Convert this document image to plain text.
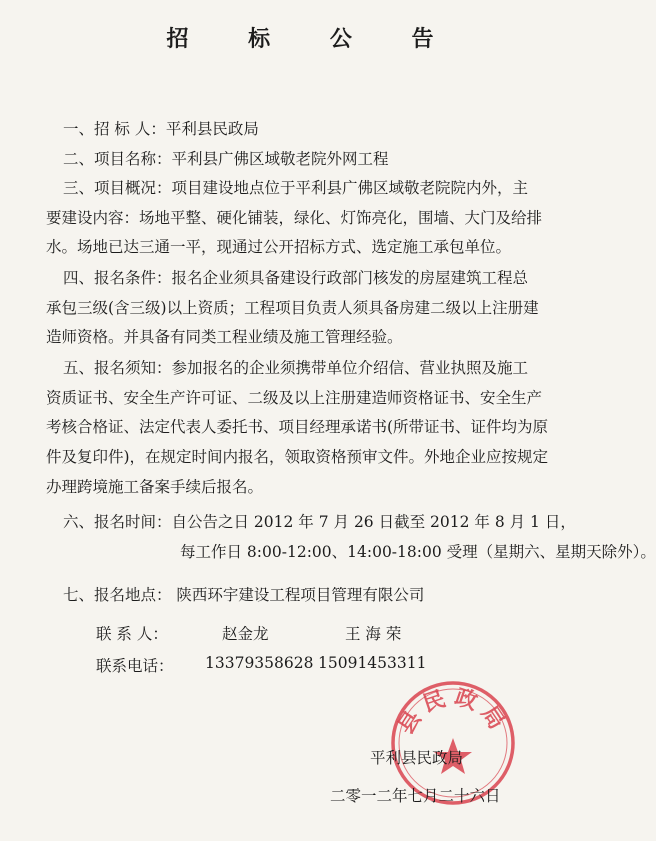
招 标 公 告
一、招 标 人：平利县民政局
二、项目名称：平利县广佛区域敬老院外网工程
三、项目概况：项目建设地点位于平利县广佛区域敬老院院内外，主
要建设内容：场地平整、硬化铺装，绿化、灯饰亮化，围墙、大门及给排
水。场地已达三通一平，现通过公开招标方式、选定施工承包单位。
四、报名条件：报名企业须具备建设行政部门核发的房屋建筑工程总
承包三级(含三级)以上资质；工程项目负责人须具备房建二级以上注册建
造师资格。并具备有同类工程业绩及施工管理经验。
五、报名须知：参加报名的企业须携带单位介绍信、营业执照及施工
资质证书、安全生产许可证、二级及以上注册建造师资格证书、安全生产
考核合格证、法定代表人委托书、项目经理承诺书(所带证书、证件均为原
件及复印件)，在规定时间内报名，领取资格预审文件。外地企业应按规定
办理跨境施工备案手续后报名。
六、报名时间：自公告之日 2012 年 7 月 26 日截至 2012 年 8 月 1 日，
每工作日 8:00-12:00、14:00-18:00 受理（星期六、星期天除外）。
七、报名地点： 陕西环宇建设工程项目管理有限公司
联 系 人：	赵金龙	王 海 荣
联系电话： 13379358628 15091453311
县民政局
平利县民政局
二零一二年七月二十六日
